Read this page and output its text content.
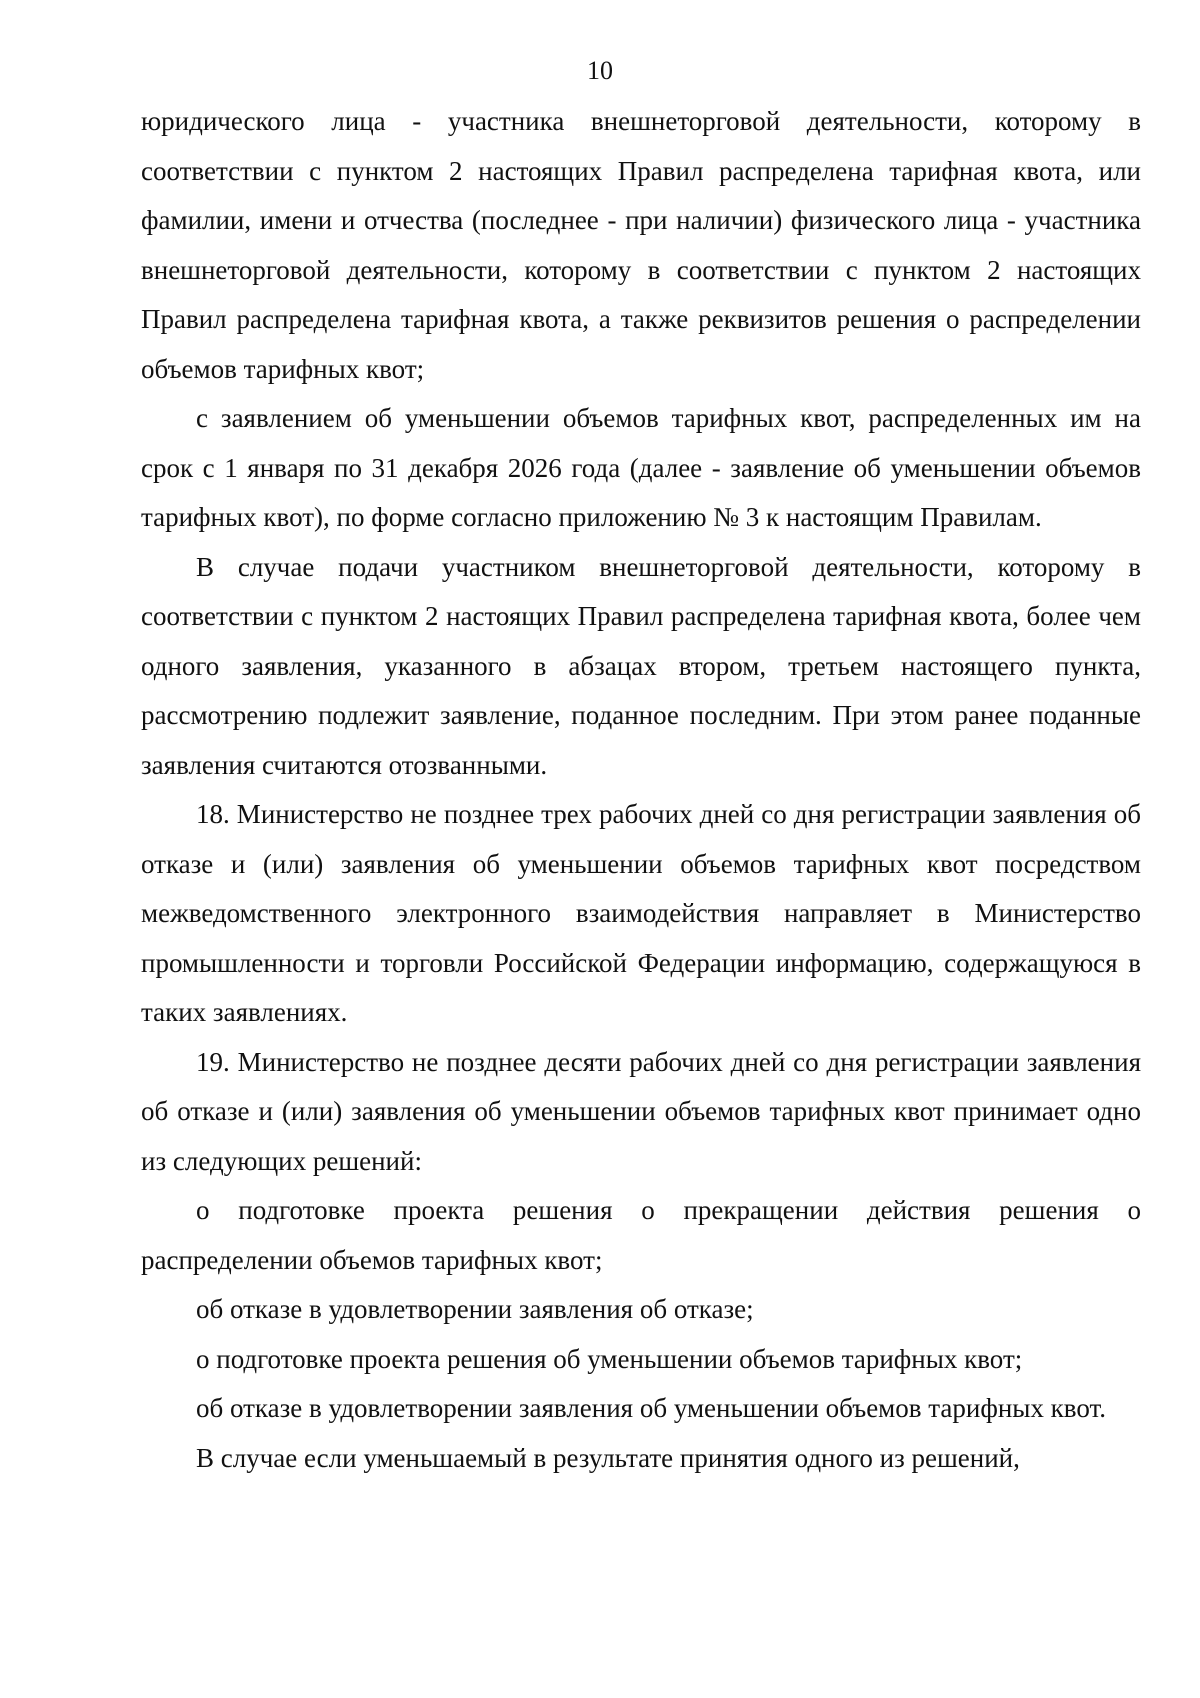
10

юридического лица - участника внешнеторговой деятельности, которому в соответствии с пунктом 2 настоящих Правил распределена тарифная квота, или фамилии, имени и отчества (последнее - при наличии) физического лица - участника внешнеторговой деятельности, которому в соответствии с пунктом 2 настоящих Правил распределена тарифная квота, а также реквизитов решения о распределении объемов тарифных квот;

с заявлением об уменьшении объемов тарифных квот, распределенных им на срок с 1 января по 31 декабря 2026 года (далее - заявление об уменьшении объемов тарифных квот), по форме согласно приложению № 3 к настоящим Правилам.

В случае подачи участником внешнеторговой деятельности, которому в соответствии с пунктом 2 настоящих Правил распределена тарифная квота, более чем одного заявления, указанного в абзацах втором, третьем настоящего пункта, рассмотрению подлежит заявление, поданное последним. При этом ранее поданные заявления считаются отозванными.

18. Министерство не позднее трех рабочих дней со дня регистрации заявления об отказе и (или) заявления об уменьшении объемов тарифных квот посредством межведомственного электронного взаимодействия направляет в Министерство промышленности и торговли Российской Федерации информацию, содержащуюся в таких заявлениях.

19. Министерство не позднее десяти рабочих дней со дня регистрации заявления об отказе и (или) заявления об уменьшении объемов тарифных квот принимает одно из следующих решений:

о подготовке проекта решения о прекращении действия решения о распределении объемов тарифных квот;

об отказе в удовлетворении заявления об отказе;

о подготовке проекта решения об уменьшении объемов тарифных квот;

об отказе в удовлетворении заявления об уменьшении объемов тарифных квот.

В случае если уменьшаемый в результате принятия одного из решений,
